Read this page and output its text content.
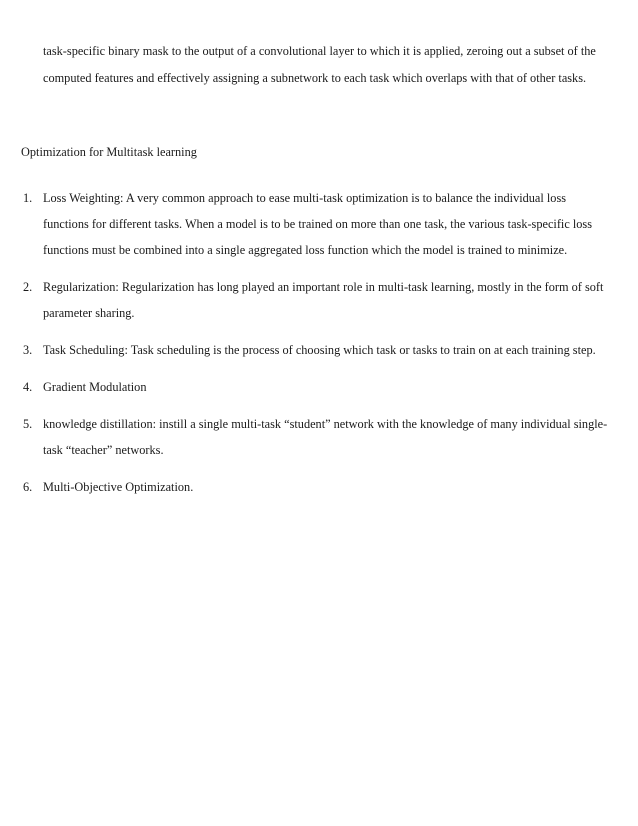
task-specific binary mask to the output of a convolutional layer to which it is applied, zeroing out a subset of the computed features and effectively assigning a subnetwork to each task which overlaps with that of other tasks.

Optimization for Multitask learning
1. Loss Weighting: A very common approach to ease multi-task optimization is to balance the individual loss functions for different tasks. When a model is to be trained on more than one task, the various task-specific loss functions must be combined into a single aggregated loss function which the model is trained to minimize.
2. Regularization: Regularization has long played an important role in multi-task learning, mostly in the form of soft parameter sharing.
3. Task Scheduling: Task scheduling is the process of choosing which task or tasks to train on at each training step.
4. Gradient Modulation
5. knowledge distillation: instill a single multi-task “student” network with the knowledge of many individual single-task “teacher” networks.
6. Multi-Objective Optimization.
